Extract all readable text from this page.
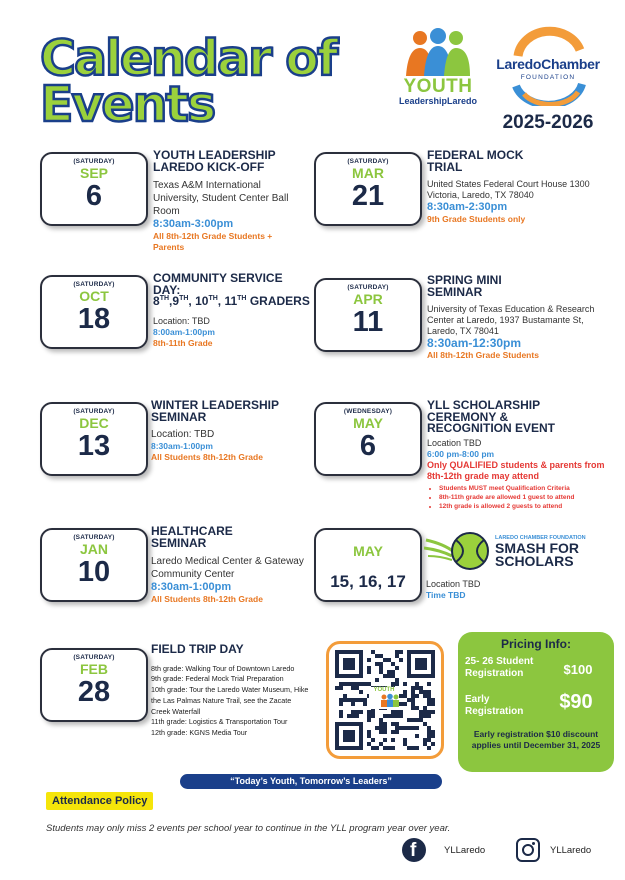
Calendar of
Events	YOUTH
LeadershipLaredo
LaredoChamber
FOUNDATION
2025-2026
(SATURDAY)
SEP
6
YOUTH LEADERSHIP LAREDO KICK-OFF
Texas A&M International University, Student Center Ball Room
8:30am-3:00pm
All 8th-12th Grade Students + Parents
(SATURDAY)
MAR
21
FEDERAL MOCK TRIAL
United States Federal Court House 1300 Victoria, Laredo, TX 78040
8:30am-2:30pm
9th Grade Students only
(SATURDAY)
OCT
18
COMMUNITY SERVICE DAY:
8TH,9TH, 10TH, 11TH GRADERS
Location: TBD
8:00am-1:00pm
8th-11th Grade
(SATURDAY)
APR
11
SPRING MINI SEMINAR
University of Texas Education & Research Center at Laredo, 1937 Bustamante St, Laredo, TX 78041
8:30am-12:30pm
All 8th-12th Grade Students
(SATURDAY)
DEC
13
WINTER LEADERSHIP SEMINAR
Location: TBD
8:30am-1:00pm
All Students 8th-12th Grade
(WEDNESDAY)
MAY
6
YLL SCHOLARSHIP CEREMONY & RECOGNITION EVENT
Location TBD
6:00 pm-8:00 pm
Only QUALIFIED students & parents from 8th-12th grade may attend
• Students MUST meet Qualification Criteria
• 8th-11th grade are allowed 1 guest to attend
• 12th grade is allowed 2 guests to attend
(SATURDAY)
JAN
10
HEALTHCARE SEMINAR
Laredo Medical Center & Gateway Community Center
8:30am-1:00pm
All Students 8th-12th Grade
MAY
15, 16, 17
LAREDO CHAMBER FOUNDATION
SMASH FOR
SCHOLARS
Location TBD
Time TBD
(SATURDAY)
FEB
28
FIELD TRIP DAY
8th grade: Walking Tour of Downtown Laredo
9th grade: Federal Mock Trial Preparation
10th grade: Tour the Laredo Water Museum, Hike the Las Palmas Nature Trail, see the Zacate Creek Waterfall
11th grade: Logistics & Transportation Tour
12th grade: KGNS Media Tour
YOUTH
Pricing Info:
25- 26 Student Registration	$100
Early Registration	$90
Early registration $10 discount applies until December 31, 2025
“Today’s Youth, Tomorrow’s Leaders”
Attendance Policy
Students may only miss 2 events per school year to continue in the YLL program year over year.
f	YLLaredo	YLLaredo
